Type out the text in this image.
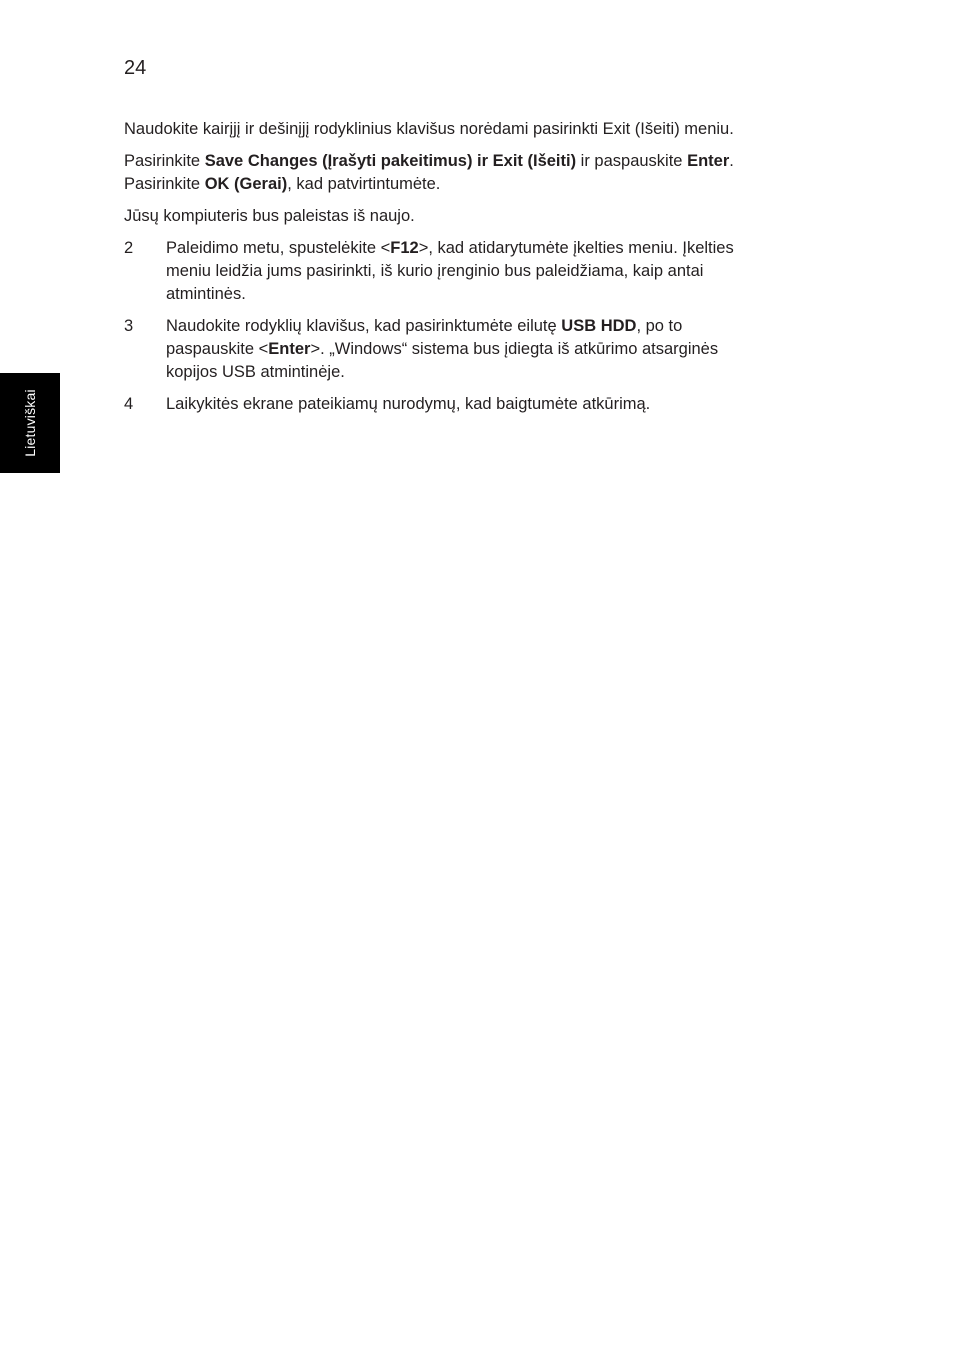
24
Lietuviškai
Naudokite kairįjį ir dešinįjį rodyklinius klavišus norėdami pasirinkti Exit (Išeiti) meniu.
Pasirinkite Save Changes (Įrašyti pakeitimus) ir Exit (Išeiti) ir paspauskite Enter.
Pasirinkite OK (Gerai), kad patvirtintumėte.
Jūsų kompiuteris bus paleistas iš naujo.
2 Paleidimo metu, spustelėkite <F12>, kad atidarytumėte įkelties meniu. Įkelties
meniu leidžia jums pasirinkti, iš kurio įrenginio bus paleidžiama, kaip antai
atmintinės.
3 Naudokite rodyklių klavišus, kad pasirinktumėte eilutę USB HDD, po to
paspauskite <Enter>. „Windows“ sistema bus įdiegta iš atkūrimo atsarginės
kopijos USB atmintinėje.
4 Laikykitės ekrane pateikiamų nurodymų, kad baigtumėte atkūrimą.
